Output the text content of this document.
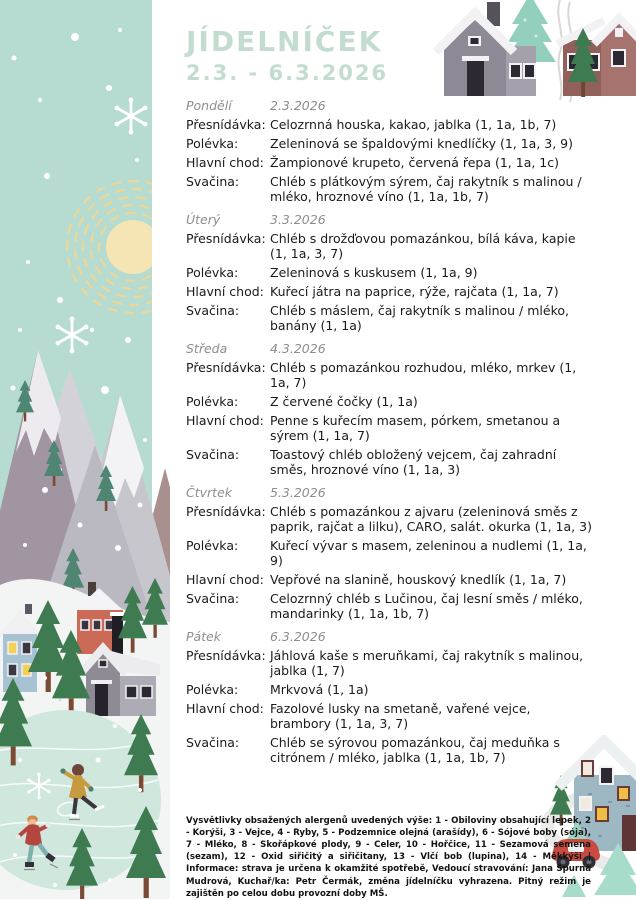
JÍDELNÍČEK
2.3. - 6.3.2026
Pondělí	2.3.2026
Přesnídávka: Celozrnná houska, kakao, jablka (1, 1a, 1b, 7)
Polévka:	Zeleninová se špaldovými knedlíčky (1, 1a, 3, 9)
Hlavní chod: Žampionové krupeto, červená řepa (1, 1a, 1c)
Svačina:	Chléb s plátkovým sýrem, čaj rakytník s malinou / mléko, hroznové víno (1, 1a, 1b, 7)
Úterý	3.3.2026
Přesnídávka: Chléb s drožďovou pomazánkou, bílá káva, kapie (1, 1a, 3, 7)
Polévka:	Zeleninová s kuskusem (1, 1a, 9)
Hlavní chod: Kuřecí játra na paprice, rýže, rajčata (1, 1a, 7)
Svačina:	Chléb s máslem, čaj rakytník s malinou / mléko, banány (1, 1a)
Středa	4.3.2026
Přesnídávka: Chléb s pomazánkou rozhudou, mléko, mrkev (1, 1a, 7)
Polévka:	Z červené čočky (1, 1a)
Hlavní chod: Penne s kuřecím masem, pórkem, smetanou a sýrem (1, 1a, 7)
Svačina:	Toastový chléb obložený vejcem, čaj zahradní směs, hroznové víno (1, 1a, 3)
Čtvrtek	5.3.2026
Přesnídávka: Chléb s pomazánkou z ajvaru (zeleninová směs z paprik, rajčat a lilku), CARO, salát. okurka (1, 1a, 3)
Polévka:	Kuřecí vývar s masem, zeleninou a nudlemi (1, 1a, 9)
Hlavní chod: Vepřové na slanině, houskový knedlík (1, 1a, 7)
Svačina:	Celozrnný chléb s Lučinou, čaj lesní směs / mléko, mandarinky (1, 1a, 1b, 7)
Pátek	6.3.2026
Přesnídávka: Jáhlová kaše s meruňkami, čaj rakytník s malinou, jablka (1, 7)
Polévka:	Mrkvová (1, 1a)
Hlavní chod: Fazolové lusky na smetaně, vařené vejce, brambory (1, 1a, 3, 7)
Svačina:	Chléb se sýrovou pomazánkou, čaj meduňka s citrónem / mléko, jablka (1, 1a, 1b, 7)

Vysvětlivky obsažených alergenů uvedených výše: 1 - Obiloviny obsahující lepek, 2 - Korýši, 3 - Vejce, 4 - Ryby, 5 - Podzemnice olejná (arašídy), 6 - Sójové boby (sója), 7 - Mléko, 8 - Skořápkové plody, 9 - Celer, 10 - Hořčice, 11 - Sezamová semena (sezam), 12 - Oxid siřičitý a siřičitany, 13 - Vlčí bob (lupina), 14 - Měkkýši | Informace: strava je určena k okamžité spotřebě, Vedoucí stravování: Jana Spurná Mudrová, Kuchař/ka: Petr Čermák, změna jídelníčku vyhrazena. Pitný režim je zajištěn po celou dobu provozní doby MŠ.
